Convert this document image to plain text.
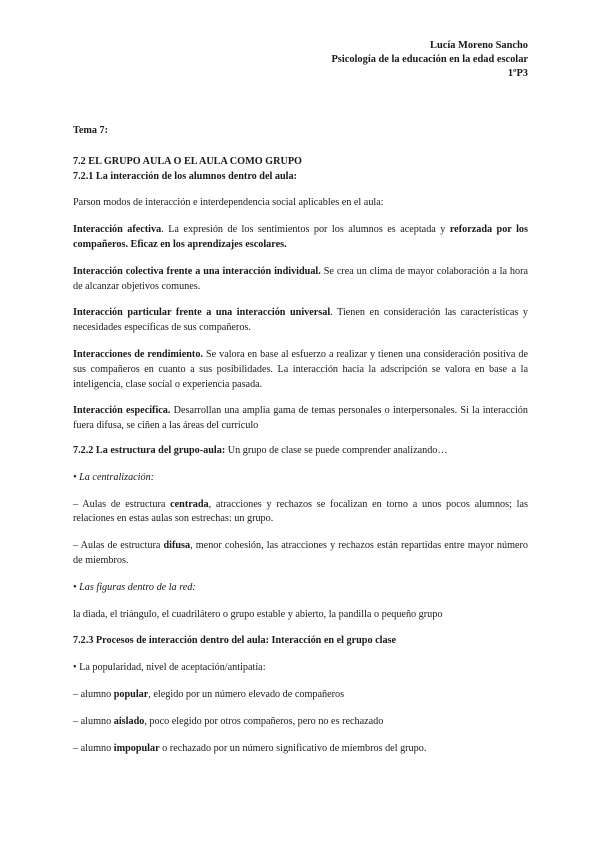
Lucía Moreno Sancho
Psicología de la educación en la edad escolar
1ºP3

Tema 7:

7.2 EL GRUPO AULA O EL AULA COMO GRUPO

7.2.1 La interacción de los alumnos dentro del aula:

Parson modos de interacción e interdependencia social aplicables en el aula:

Interacción afectiva. La expresión de los sentimientos por los alumnos es aceptada y reforzada por los compañeros. Eficaz en los aprendizajes escolares.

Interacción colectiva frente a una interacción individual. Se crea un clima de mayor colaboración a la hora de alcanzar objetivos comunes.

Interacción particular frente a una interacción universal. Tienen en consideración las características y necesidades específicas de sus compañeros.

Interacciones de rendimiento. Se valora en base al esfuerzo a realizar y tienen una consideración positiva de sus compañeros en cuanto a sus posibilidades. La interacción hacia la adscripción se valora en base a la inteligencia, clase social o experiencia pasada.

Interacción específica. Desarrollan una amplia gama de temas personales o interpersonales. Si la interacción fuera difusa, se ciñen a las áreas del currículo

7.2.2 La estructura del grupo-aula: Un grupo de clase se puede comprender analizando…

• La centralización:

– Aulas de estructura centrada, atracciones y rechazos se focalizan en torno a unos pocos alumnos; las relaciones en estas aulas son estrechas: un grupo.

– Aulas de estructura difusa, menor cohesión, las atracciones y rechazos están repartidas entre mayor número de miembros.

• Las figuras dentro de la red:

la diada, el triángulo, el cuadrilátero o grupo estable y abierto, la pandilla o pequeño grupo

7.2.3 Procesos de interacción dentro del aula: Interacción en el grupo clase

• La popularidad, nivel de aceptación/antipatía:

– alumno popular, elegido por un número elevado de compañeros

– alumno aislado, poco elegido por otros compañeros, pero no es rechazado

– alumno impopular o rechazado por un número significativo de miembros del grupo.
